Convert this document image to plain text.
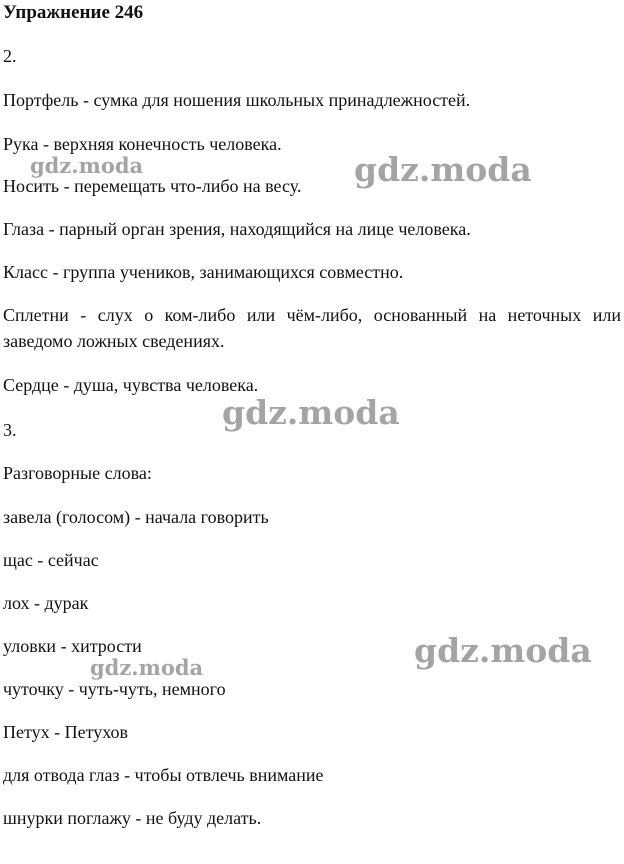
Упражнение 246
2.
Портфель - сумка для ношения школьных принадлежностей.
Рука - верхняя конечность человека.
Носить - перемещать что-либо на весу.
Глаза - парный орган зрения, находящийся на лице человека.
Класс - группа учеников, занимающихся совместно.
Сплетни - слух о ком-либо или чём-либо, основанный на неточных или заведомо ложных сведениях.
Сердце - душа, чувства человека.
3.
Разговорные слова:
завела (голосом) - начала говорить
щас - сейчас
лох - дурак
уловки - хитрости
чуточку - чуть-чуть, немного
Петух - Петухов
для отвода глаз - чтобы отвлечь внимание
шнурки поглажу - не буду делать.
gdz.moda	gdz.moda
gdz.moda
gdz.moda
gdz.moda
